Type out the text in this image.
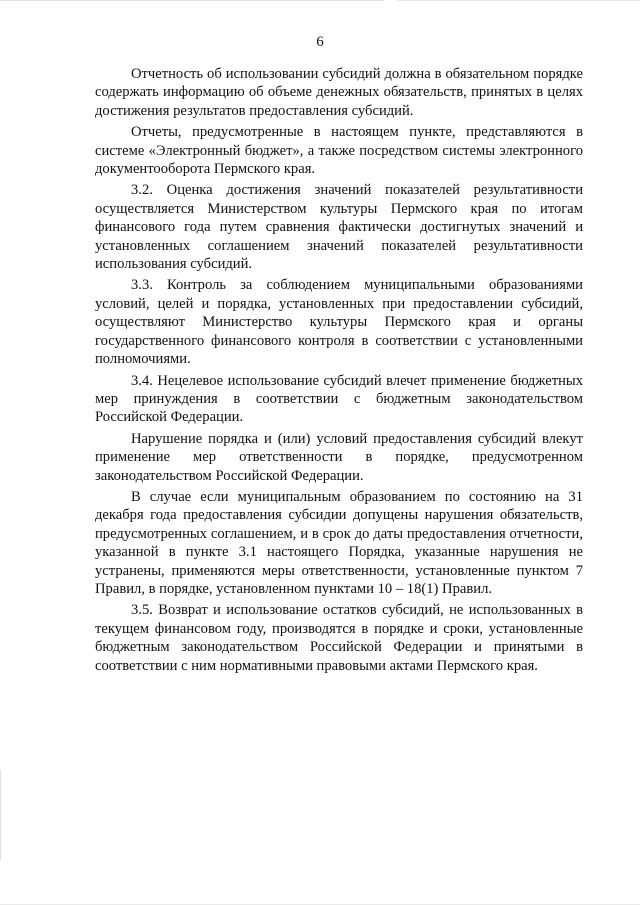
6

Отчетность об использовании субсидий должна в обязательном порядке содержать информацию об объеме денежных обязательств, принятых в целях достижения результатов предоставления субсидий.

Отчеты, предусмотренные в настоящем пункте, представляются в системе «Электронный бюджет», а также посредством системы электронного документооборота Пермского края.

3.2. Оценка достижения значений показателей результативности осуществляется Министерством культуры Пермского края по итогам финансового года путем сравнения фактически достигнутых значений и установленных соглашением значений показателей результативности использования субсидий.

3.3. Контроль за соблюдением муниципальными образованиями условий, целей и порядка, установленных при предоставлении субсидий, осуществляют Министерство культуры Пермского края и органы государственного финансового контроля в соответствии с установленными полномочиями.

3.4. Нецелевое использование субсидий влечет применение бюджетных мер принуждения в соответствии с бюджетным законодательством Российской Федерации.

Нарушение порядка и (или) условий предоставления субсидий влекут применение мер ответственности в порядке, предусмотренном законодательством Российской Федерации.

В случае если муниципальным образованием по состоянию на 31 декабря года предоставления субсидии допущены нарушения обязательств, предусмотренных соглашением, и в срок до даты предоставления отчетности, указанной в пункте 3.1 настоящего Порядка, указанные нарушения не устранены, применяются меры ответственности, установленные пунктом 7 Правил, в порядке, установленном пунктами 10 – 18(1) Правил.

3.5. Возврат и использование остатков субсидий, не использованных в текущем финансовом году, производятся в порядке и сроки, установленные бюджетным законодательством Российской Федерации и принятыми в соответствии с ним нормативными правовыми актами Пермского края.
